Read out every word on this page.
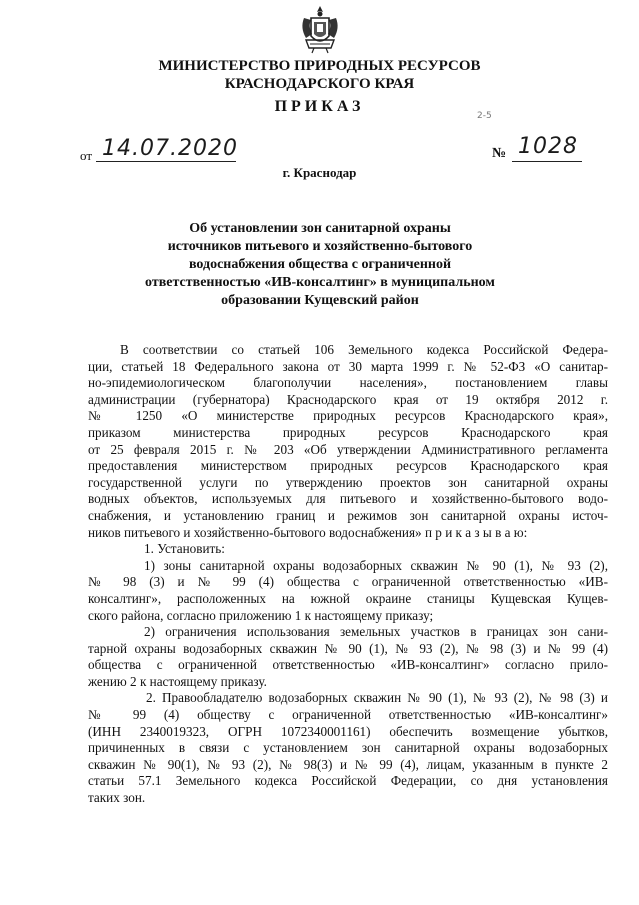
МИНИСТЕРСТВО ПРИРОДНЫХ РЕСУРСОВ
КРАСНОДАРСКОГО КРАЯ
ПРИКАЗ
2-5
от 14.07.2020	№ 1028
г. Краснодар
Об установлении зон санитарной охраны
источников питьевого и хозяйственно-бытового
водоснабжения общества с ограниченной
ответственностью «ИВ-консалтинг» в муниципальном
образовании Кущевский район

В соответствии со статьей 106 Земельного кодекса Российской Федера-

ции, статьей 18 Федерального закона от 30 марта 1999 г. № 52-ФЗ «О санитар-

но-эпидемиологическом благополучии населения», постановлением главы

администрации (губернатора) Краснодарского края от 19 октября 2012 г.

№ 1250 «О министерстве природных ресурсов Краснодарского края»,

приказом министерства природных ресурсов Краснодарского края

от 25 февраля 2015 г. № 203 «Об утверждении Административного регламента

предоставления министерством природных ресурсов Краснодарского края

государственной услуги по утверждению проектов зон санитарной охраны

водных объектов, используемых для питьевого и хозяйственно-бытового водо-

снабжения, и установлению границ и режимов зон санитарной охраны источ-

ников питьевого и хозяйственно-бытового водоснабжения» п р и к а з ы в а ю:

1. Установить:

1) зоны санитарной охраны водозаборных скважин № 90 (1), № 93 (2),

№ 98 (3) и № 99 (4) общества с ограниченной ответственностью «ИВ-

консалтинг», расположенных на южной окраине станицы Кущевская Кущев-

ского района, согласно приложению 1 к настоящему приказу;

2) ограничения использования земельных участков в границах зон сани-

тарной охраны водозаборных скважин № 90 (1), № 93 (2), № 98 (3) и № 99 (4)

общества с ограниченной ответственностью «ИВ-консалтинг» согласно прило-

жению 2 к настоящему приказу.

2. Правообладателю водозаборных скважин № 90 (1), № 93 (2), № 98 (3) и

№ 99 (4) обществу с ограниченной ответственностью «ИВ-консалтинг»

(ИНН 2340019323, ОГРН 1072340001161) обеспечить возмещение убытков,

причиненных в связи с установлением зон санитарной охраны водозаборных

скважин № 90(1), № 93 (2), № 98(3) и № 99 (4), лицам, указанным в пункте 2

статьи 57.1 Земельного кодекса Российской Федерации, со дня установления

таких зон.
